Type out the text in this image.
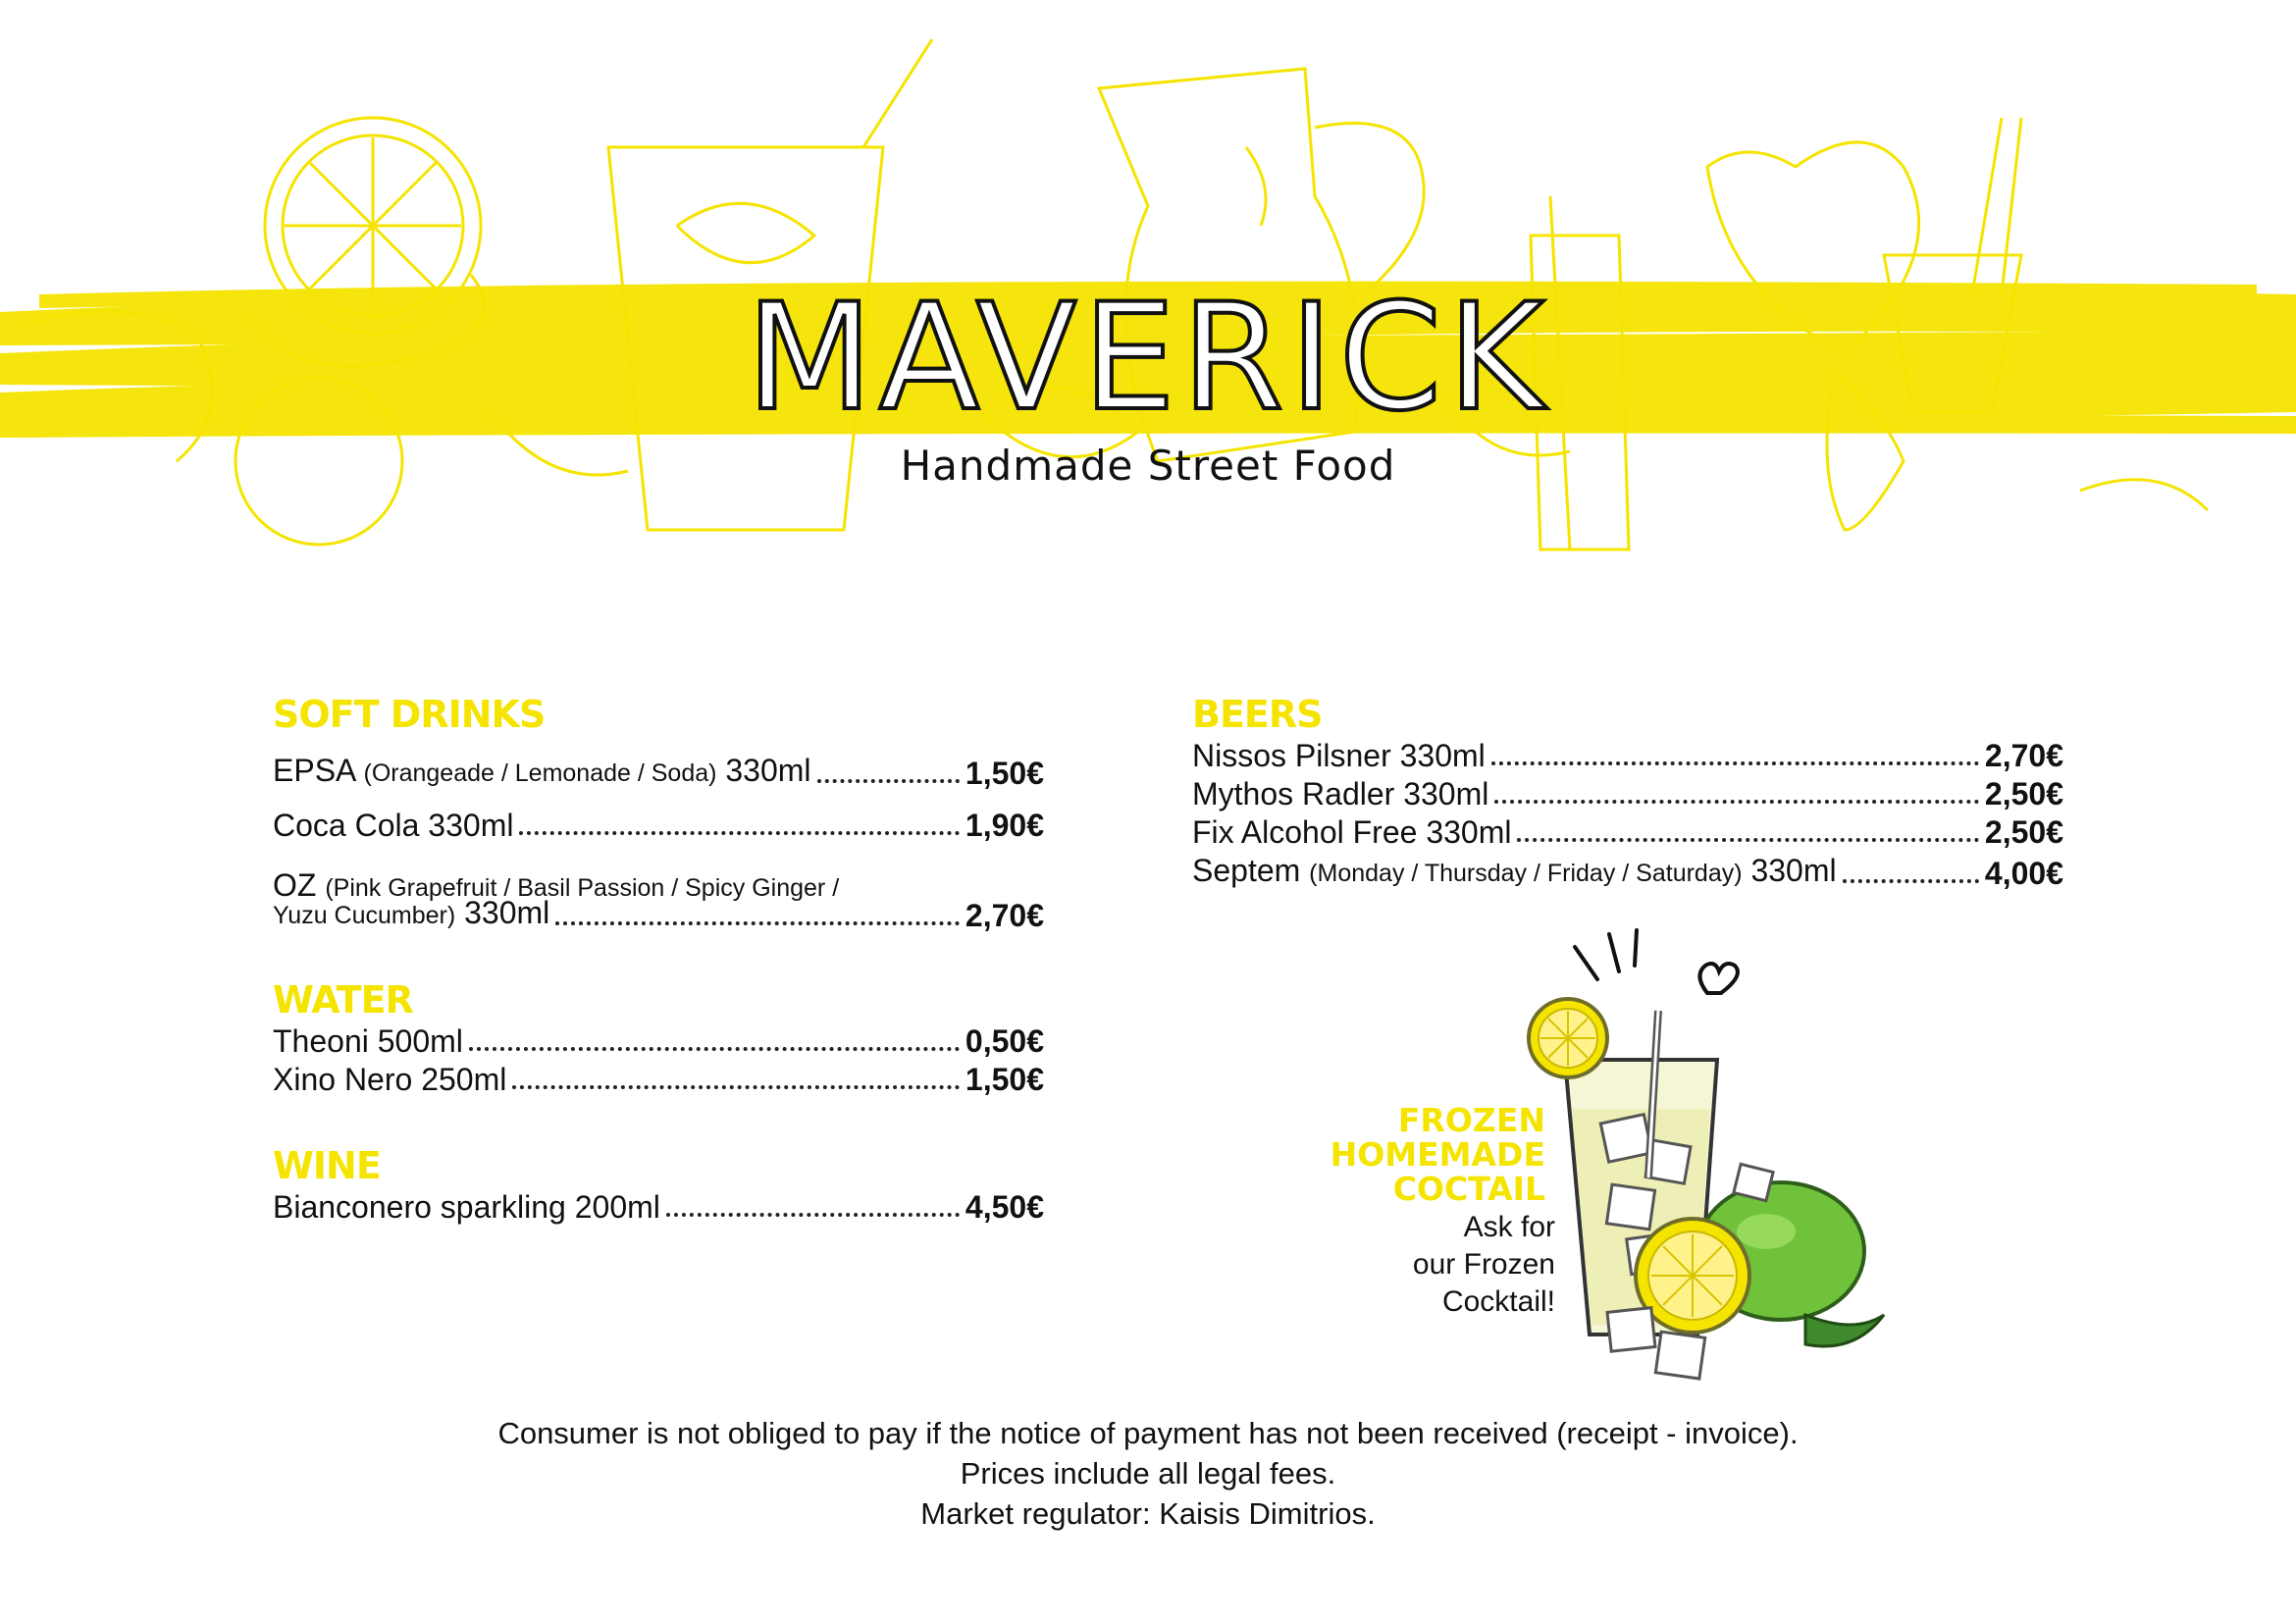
MAVERICK
Handmade Street Food
SOFT DRINKS
EPSA (Orangeade / Lemonade / Soda) 330ml	1,50€
Coca Cola 330ml	1,90€
OZ (Pink Grapefruit / Basil Passion / Spicy Ginger /
Yuzu Cucumber) 330ml	2,70€
WATER
Theoni 500ml	0,50€
Xino Nero 250ml	1,50€
WINE
Bianconero sparkling 200ml	4,50€
BEERS
Nissos Pilsner 330ml	2,70€
Mythos Radler 330ml	2,50€
Fix Alcohol Free 330ml	2,50€
Septem (Monday / Thursday / Friday / Saturday) 330ml	4,00€
FROZEN
HOMEMADE
COCTAIL
Ask for
our Frozen
Cocktail!
Consumer is not obliged to pay if the notice of payment has not been received (receipt - invoice).
Prices include all legal fees.
Market regulator: Kaisis Dimitrios.
